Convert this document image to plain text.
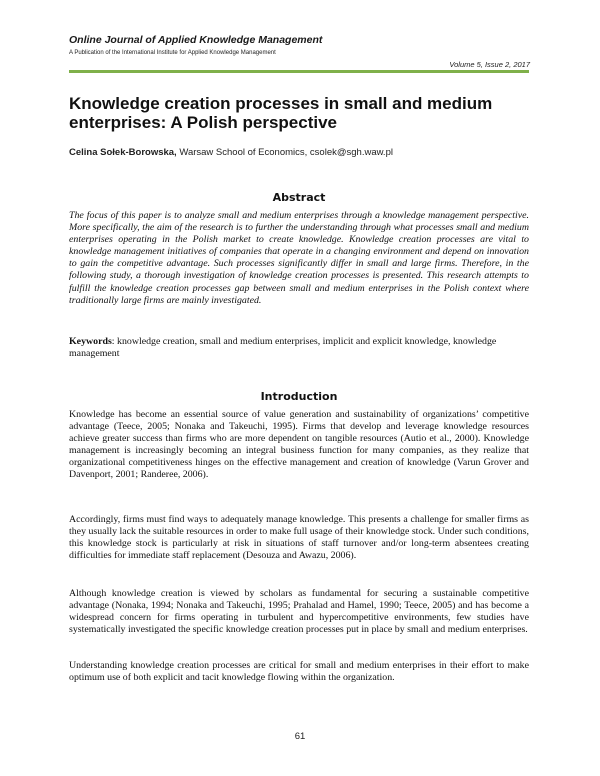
Online Journal of Applied Knowledge Management
A Publication of the International Institute for Applied Knowledge Management
Volume 5, Issue 2, 2017
Knowledge creation processes in small and medium enterprises: A Polish perspective
Celina Sołek-Borowska, Warsaw School of Economics, csolek@sgh.waw.pl
Abstract

The focus of this paper is to analyze small and medium enterprises through a knowledge management perspective. More specifically, the aim of the research is to further the understanding through what processes small and medium enterprises operating in the Polish market to create knowledge. Knowledge creation processes are vital to knowledge management initiatives of companies that operate in a changing environment and depend on innovation to gain the competitive advantage. Such processes significantly differ in small and large firms. Therefore, in the following study, a thorough investigation of knowledge creation processes is presented. This research attempts to fulfill the knowledge creation processes gap between small and medium enterprises in the Polish context where traditionally large firms are mainly investigated.

Keywords: knowledge creation, small and medium enterprises, implicit and explicit knowledge, knowledge management

Introduction

Knowledge has become an essential source of value generation and sustainability of organizations’ competitive advantage (Teece, 2005; Nonaka and Takeuchi, 1995). Firms that develop and leverage knowledge resources achieve greater success than firms who are more dependent on tangible resources (Autio et al., 2000). Knowledge management is increasingly becoming an integral business function for many companies, as they realize that organizational competitiveness hinges on the effective management and creation of knowledge (Varun Grover and Davenport, 2001; Randeree, 2006).

Accordingly, firms must find ways to adequately manage knowledge. This presents a challenge for smaller firms as they usually lack the suitable resources in order to make full usage of their knowledge stock. Under such conditions, this knowledge stock is particularly at risk in situations of staff turnover and/or long-term absentees creating difficulties for immediate staff replacement (Desouza and Awazu, 2006).

Although knowledge creation is viewed by scholars as fundamental for securing a sustainable competitive advantage (Nonaka, 1994; Nonaka and Takeuchi, 1995; Prahalad and Hamel, 1990; Teece, 2005) and has become a widespread concern for firms operating in turbulent and hypercompetitive environments, few studies have systematically investigated the specific knowledge creation processes put in place by small and medium enterprises.

Understanding knowledge creation processes are critical for small and medium enterprises in their effort to make optimum use of both explicit and tacit knowledge flowing within the organization.

61
